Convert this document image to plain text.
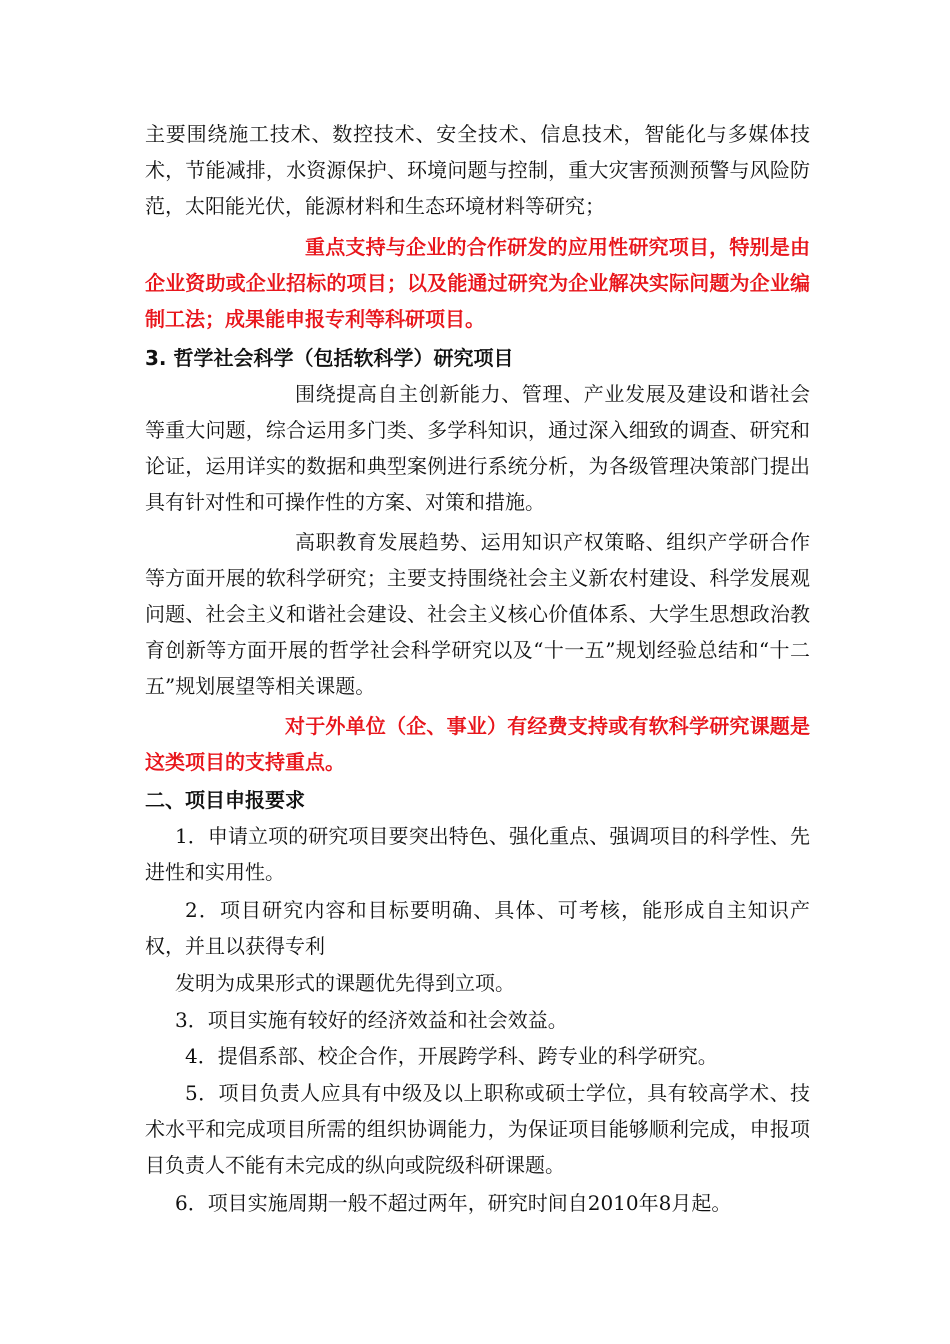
主要围绕施工技术、数控技术、安全技术、信息技术，智能化与多媒体技术，节能减排，水资源保护、环境问题与控制，重大灾害预测预警与风险防范，太阳能光伏，能源材料和生态环境材料等研究；

重点支持与企业的合作研发的应用性研究项目，特别是由企业资助或企业招标的项目；以及能通过研究为企业解决实际问题为企业编制工法；成果能申报专利等科研项目。

3. 哲学社会科学（包括软科学）研究项目

围绕提高自主创新能力、管理、产业发展及建设和谐社会等重大问题，综合运用多门类、多学科知识，通过深入细致的调查、研究和论证，运用详实的数据和典型案例进行系统分析，为各级管理决策部门提出具有针对性和可操作性的方案、对策和措施。

高职教育发展趋势、运用知识产权策略、组织产学研合作等方面开展的软科学研究；主要支持围绕社会主义新农村建设、科学发展观问题、社会主义和谐社会建设、社会主义核心价值体系、大学生思想政治教育创新等方面开展的哲学社会科学研究以及“十一五”规划经验总结和“十二五”规划展望等相关课题。

对于外单位（企、事业）有经费支持或有软科学研究课题是这类项目的支持重点。

二、项目申报要求

1．申请立项的研究项目要突出特色、强化重点、强调项目的科学性、先进性和实用性。

2．项目研究内容和目标要明确、具体、可考核，能形成自主知识产权，并且以获得专利

发明为成果形式的课题优先得到立项。

3．项目实施有较好的经济效益和社会效益。

4．提倡系部、校企合作，开展跨学科、跨专业的科学研究。

5．项目负责人应具有中级及以上职称或硕士学位，具有较高学术、技术水平和完成项目所需的组织协调能力，为保证项目能够顺利完成，申报项目负责人不能有未完成的纵向或院级科研课题。

6．项目实施周期一般不超过两年，研究时间自2010年8月起。
